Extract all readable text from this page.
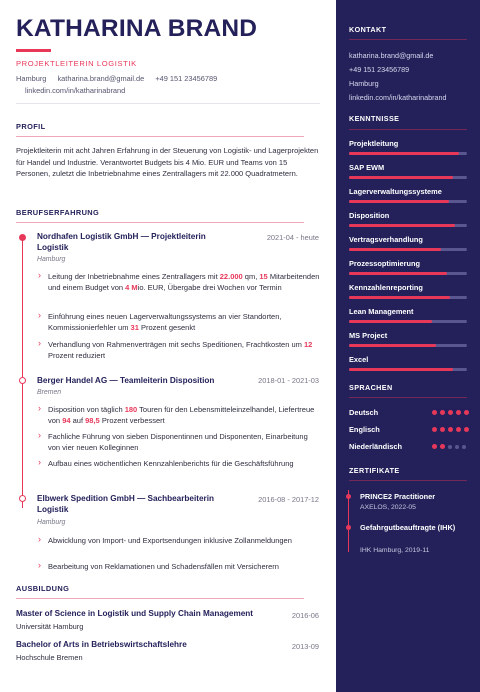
KATHARINA BRAND
PROJEKTLEITERIN LOGISTIK
Hamburg katharina.brand@gmail.de +49 151 23456789
linkedin.com/in/katharinabrand
PROFIL
Projektleiterin mit acht Jahren Erfahrung in der Steuerung von Logistik- und Lagerprojekten für Handel und Industrie. Verantwortet Budgets bis 4 Mio. EUR und Teams von 15 Personen, zuletzt die Inbetriebnahme eines Zentrallagers mit 22.000 Quadratmetern.
BERUFSERFAHRUNG
Nordhafen Logistik GmbH — Projektleiterin Logistik
2021-04 - heute
Hamburg
› Leitung der Inbetriebnahme eines Zentrallagers mit 22.000 qm, 15 Mitarbeitenden und einem Budget von 4 Mio. EUR, Übergabe drei Wochen vor Termin
› Einführung eines neuen Lagerverwaltungssystems an vier Standorten, Kommissionierfehler um 31 Prozent gesenkt
› Verhandlung von Rahmenverträgen mit sechs Speditionen, Frachtkosten um 12 Prozent reduziert
Berger Handel AG — Teamleiterin Disposition	2018-01 - 2021-03
Bremen
› Disposition von täglich 180 Touren für den Lebensmitteleinzelhandel, Liefertreue von 94 auf 98,5 Prozent verbessert
› Fachliche Führung von sieben Disponentinnen und Disponenten, Einarbeitung von vier neuen Kolleginnen
› Aufbau eines wöchentlichen Kennzahlenberichts für die Geschäftsführung
Elbwerk Spedition GmbH — Sachbearbeiterin Logistik
2016-08 - 2017-12
Hamburg
› Abwicklung von Import- und Exportsendungen inklusive Zollanmeldungen
› Bearbeitung von Reklamationen und Schadensfällen mit Versicherern
AUSBILDUNG
Master of Science in Logistik und Supply Chain Management	2016-06
Universität Hamburg
Bachelor of Arts in Betriebswirtschaftslehre	2013-09
Hochschule Bremen
KONTAKT
katharina.brand@gmail.de
+49 151 23456789
Hamburg
linkedin.com/in/katharinabrand
KENNTNISSE
Projektleitung
SAP EWM
Lagerverwaltungssysteme
Disposition
Vertragsverhandlung
Prozessoptimierung
Kennzahlenreporting
Lean Management
MS Project
Excel
SPRACHEN
Deutsch
Englisch
Niederländisch
ZERTIFIKATE
PRINCE2 Practitioner
AXELOS, 2022-05
Gefahrgutbeauftragte (IHK)
IHK Hamburg, 2019-11
